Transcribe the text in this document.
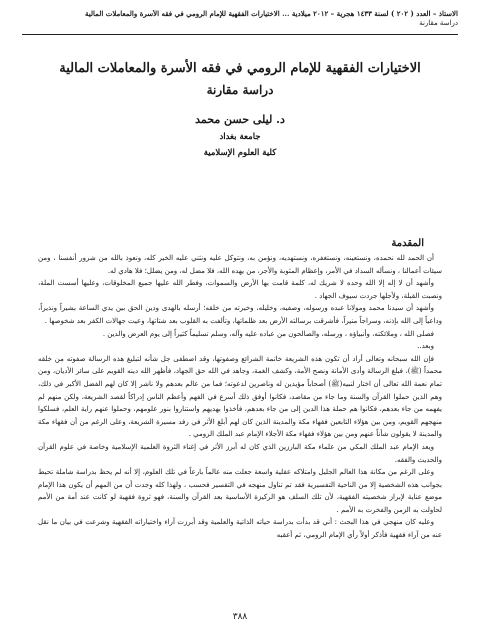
الاستاذ – العدد ( ٢٠٢ ) لسنة ١٤٣٣ هجرية – ٢٠١٢ ميلادية ... الاختيارات الفقهية للإمام الرومي في فقه الأسرة والمعاملات المالية
دراسة مقارنة
الاختيارات الفقهية للإمام الرومي في فقه الأسرة والمعاملات المالية
دراسة مقارنة
د. ليلى حسن محمد
جامعة بغداد
كلية العلوم الإسلامية
المقدمة

أن الحمد لله نحمده، ونستعينه، ونستغفره، ونستهديه، ونؤمن به، ونتوكل عليه ونثني عليه الخير كله، ونعوذ بالله من شرور أنفسنا ، ومن سيئات أعمالنا ، ونسأله السداد في الأمر، وإعظام المثوبة والأجر، من يهده الله، فلا مضل له، ومن يضلل؛ فلا هادي له.

وأشهد أن لا إله إلا الله وحده لا شريك له، كلمة قامت بها الأرض والسموات، وفطر الله عليها جميع المخلوقات، وعليها أسست الملة، ونصبت القبلة، ولأجلها جردت سيوف الجهاد .

وأشهد أن سيدنا محمد ومولانا عبده ورسوله، وصفيه، وخليله، وخيرته من خلقه؛ أرسله بالهدى ودين الحق بين يدي الساعة بشيراً ونذيراً، وداعياً إلى الله بإذنه، وسراجاً منيراً، فأشرقت برسالته الأرض بعد ظلماتها، وتألفت به القلوب بعد شتاتها، وعيت جهالات الكفر بعد شخوصها .

فصلى الله ، وملائكته، وأنبياؤه ، ورسله، والصالحون من عباده عليه وآله، وسلم تسليماً كثيراً إلى يوم العرض والدين .

وبعد..

فإن الله سبحانه وتعالى أراد أن تكون هذه الشريعة خاتمة الشرائع وصفوتها، وقد اصطفى جل شأنه لتبليغ هذه الرسالة صفوته من خلقه محمداً (ﷺ)، فبلغ الرسالة وأدى الأمانة ونصح الأمة، وكشف الغمة، وجاهد في الله حق الجهاد، فأظهر الله دينه القويم على سائر الأديان، ومن تمام نعمة الله تعالى أن اختار لنبيه(ﷺ) أصحاباً مؤيدين له وناصرين لدعوته؛ فما من عالم بعدهم ولا ناشر إلا كان لهم الفضل الأكبر في ذلك، وهم الذين حملوا القرآن والسنة وما جاء من مقاصد، فكانوا أوفق ذلك أسرع في الفهم وأعظم الناس إدراكاً لقصد الشريعة، ولكن منهم لم يفهمه من جاء بعدهم، فكانوا هم حملة هذا الدين إلى من جاء بعدهم، فأخذوا بهديهم واستناروا بنور علومهم، وحملوا عنهم راية العلم، فسلكوا منهجهم القويم، ومن بين هؤلاء التابعين فقهاء مكة والمدينة الذين كان لهم أبلغ الأثر في رفد مسيرة الشريعة، وعلى الرغم من أن فقهاء مكة والمدينة لا يقولون شأناً عنهم ومن بين هؤلاء فقهاء مكة الأجلاء الإمام عبد الملك الرومي .

ويعد الإمام عبد الملك المكي من علماء مكة البارزين الذي كان له أبرز الأثر في إغناء الثروة العلمية الإسلامية وخاصة في علوم القرآن والحديث والفقه.

وعلى الرغم من مكانة هذا العالم الجليل وامتلاكه عقلية واسعة جعلت منه عالماً بارعاً في تلك العلوم، إلا أنه لم يحظ بدراسة شاملة تحيط بجوانب هذه الشخصية إلا من الناحية التفسيرية فقد تم تناول منهجه في التفسير فحسب ، ولهذا كله وجدت أن من المهم أن يكون هذا الإمام موضع عناية لإبراز شخصيته الفقهية، لأن تلك السلف هو الركيزة الأساسية بعد القرآن والسنة، فهو ثروة فقهية لو كانت عند أمة من الأمم لحاولت به الزمن والفخرت به الأمم .

وعليه كان منهجي في هذا البحث : أني قد بدأت بدراسة حياته الذاتية والعلمية وقد أبرزت آراء واختياراته الفقهية وشرعت في بيان ما نقل عنه من آراء فقهية فأذكر أولاً رأي الإمام الرومي، ثم أعقبه

٣٨٨
